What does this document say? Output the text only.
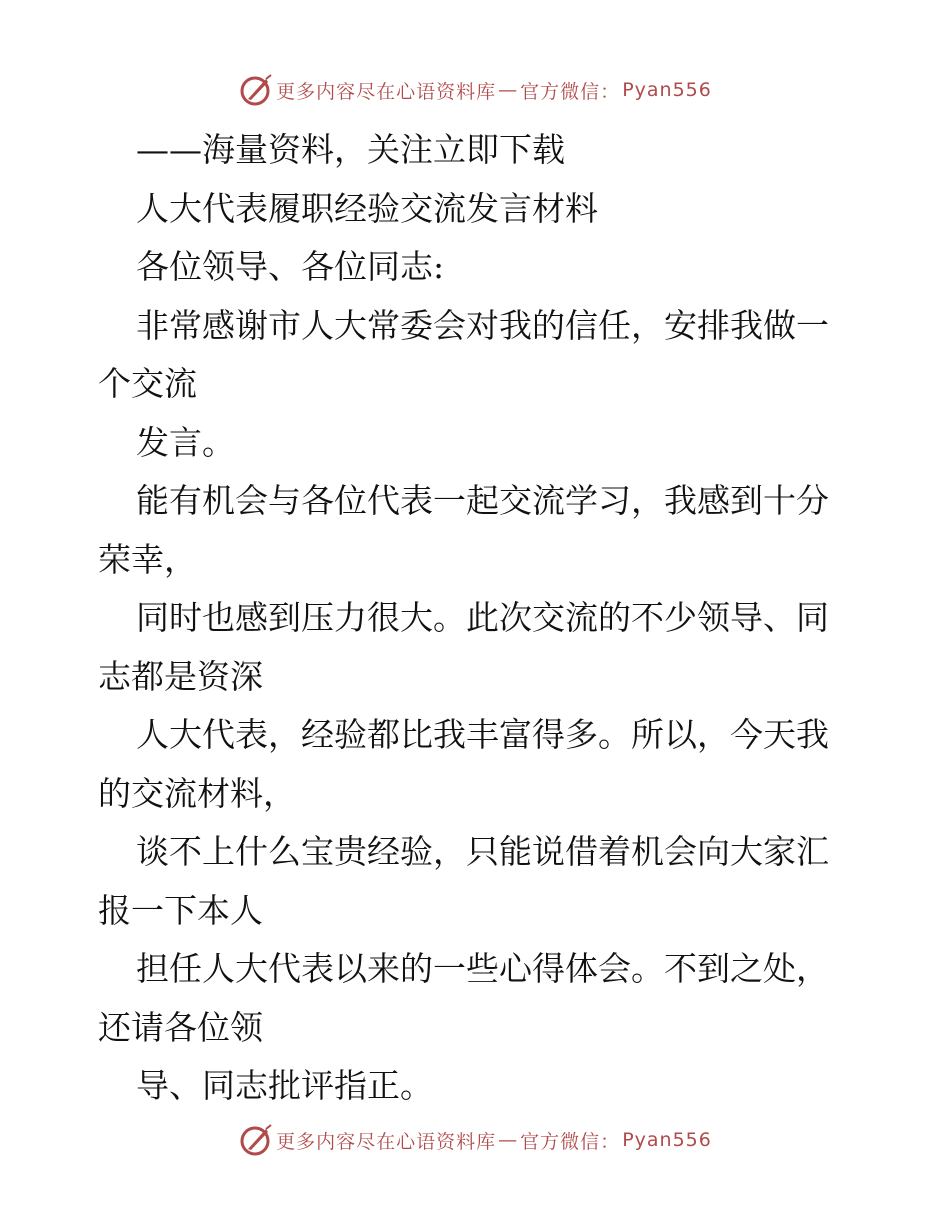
更多内容尽在心语资料库 — 官方微信： Pyan556
——海量资料，关注立即下载
人大代表履职经验交流发言材料
各位领导、各位同志:
非常感谢市人大常委会对我的信任，安排我做一
个交流
发言。
能有机会与各位代表一起交流学习，我感到十分
荣幸，
同时也感到压力很大。此次交流的不少领导、同
志都是资深
人大代表，经验都比我丰富得多。所以，今天我
的交流材料，
谈不上什么宝贵经验，只能说借着机会向大家汇
报一下本人
担任人大代表以来的一些心得体会。不到之处，
还请各位领
导、同志批评指正。
更多内容尽在心语资料库 — 官方微信： Pyan556
